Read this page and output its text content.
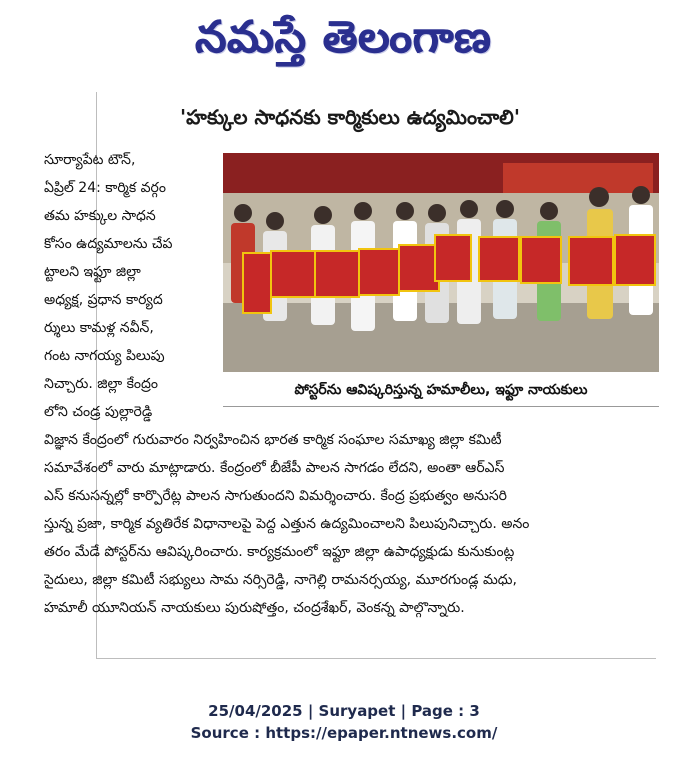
నమస్తే తెలంగాణ
'హక్కుల సాధనకు కార్మికులు ఉద్యమించాలి'
సూర్యాపేట టౌన్,
ఏప్రిల్ 24: కార్మిక వర్గం
తమ హక్కుల సాధన
కోసం ఉద్యమాలను చేప
ట్టాలని ఇఫ్టూ జిల్లా
అధ్యక్ష, ప్రధాన కార్యద
ర్శులు కామళ్ల నవీన్,
గంట నాగయ్య పిలుపు
నిచ్చారు. జిల్లా కేంద్రం
లోని చండ్ర పుల్లారెడ్డి
పోస్టర్‌ను ఆవిష్కరిస్తున్న హమాలీలు, ఇఫ్టూ నాయకులు
విజ్ఞాన కేంద్రంలో గురువారం నిర్వహించిన భారత కార్మిక సంఘాల సమాఖ్య జిల్లా కమిటీ
సమావేశంలో వారు మాట్లాడారు. కేంద్రంలో బీజేపీ పాలన సాగడం లేదని, అంతా ఆర్‌ఎస్
ఎస్ కనుసన్నల్లో కార్పొరేట్ల పాలన సాగుతుందని విమర్శించారు. కేంద్ర ప్రభుత్వం అనుసరి
స్తున్న ప్రజా, కార్మిక వ్యతిరేక విధానాలపై పెద్ద ఎత్తున ఉద్యమించాలని పిలుపునిచ్చారు. అనం
తరం మేడే పోస్టర్‌ను ఆవిష్కరించారు. కార్యక్రమంలో ఇఫ్టూ జిల్లా ఉపాధ్యక్షుడు కునుకుంట్ల
సైదులు, జిల్లా కమిటీ సభ్యులు సామ నర్సిరెడ్డి, నాగెల్లి రామనర్సయ్య, మూరగుండ్ల మధు,
హమాలీ యూనియన్ నాయకులు పురుషోత్తం, చంద్రశేఖర్, వెంకన్న పాల్గొన్నారు.
25/04/2025 | Suryapet | Page : 3
Source : https://epaper.ntnews.com/
